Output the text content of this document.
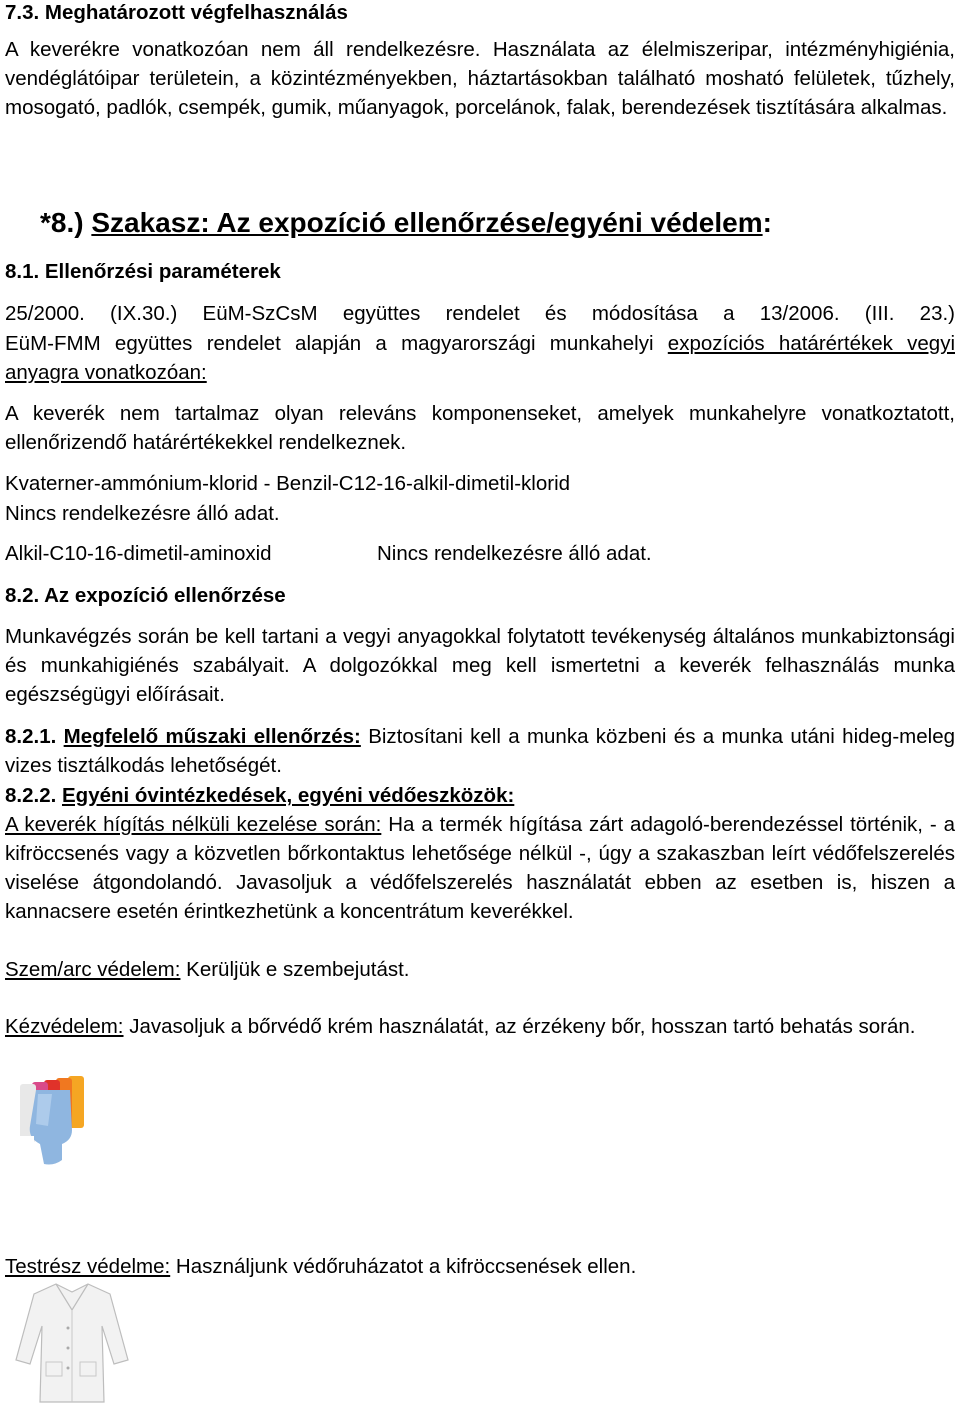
7.3. Meghatározott végfelhasználás

A keverékre vonatkozóan nem áll rendelkezésre. Használata az élelmiszeripar, intézményhigiénia, vendéglátóipar területein, a közintézményekben, háztartásokban található mosható felületek, tűzhely, mosogató, padlók, csempék, gumik, műanyagok, porcelánok, falak, berendezések tisztítására alkalmas.

*8.) Szakasz: Az expozíció ellenőrzése/egyéni védelem:
8.1. Ellenőrzési paraméterek
25/2000. (IX.30.) EüM-SzCsM együttes rendelet és módosítása a 13/2006. (III. 23.)

EüM-FMM együttes rendelet alapján a magyarországi munkahelyi expozíciós határértékek vegyi anyagra vonatkozóan:

A keverék nem tartalmaz olyan releváns komponenseket, amelyek munkahelyre vonatkoztatott, ellenőrizendő határértékekkel rendelkeznek.

Kvaterner-ammónium-klorid - Benzil-C12-16-alkil-dimetil-klorid
Nincs rendelkezésre álló adat.
Alkil-C10-16-dimetil-aminoxid	Nincs rendelkezésre álló adat.
8.2. Az expozíció ellenőrzése

Munkavégzés során be kell tartani a vegyi anyagokkal folytatott tevékenység általános munkabiztonsági és munkahigiénés szabályait. A dolgozókkal meg kell ismertetni a keverék felhasználás munka egészségügyi előírásait.

8.2.1. Megfelelő műszaki ellenőrzés: Biztosítani kell a munka közbeni és a munka utáni hideg-meleg vizes tisztálkodás lehetőségét.

8.2.2. Egyéni óvintézkedések, egyéni védőeszközök:

A keverék hígítás nélküli kezelése során: Ha a termék hígítása zárt adagoló-berendezéssel történik, - a kifröccsenés vagy a közvetlen bőrkontaktus lehetősége nélkül -, úgy a szakaszban leírt védőfelszerelés viselése átgondolandó. Javasoljuk a védőfelszerelés használatát ebben az esetben is, hiszen a kannacsere esetén érintkezhetünk a koncentrátum keverékkel.

Szem/arc védelem: Kerüljük e szembejutást.

Kézvédelem: Javasoljuk a bőrvédő krém használatát, az érzékeny bőr, hosszan tartó behatás során.

Testrész védelme: Használjunk védőruházatot a kifröccsenések ellen.
